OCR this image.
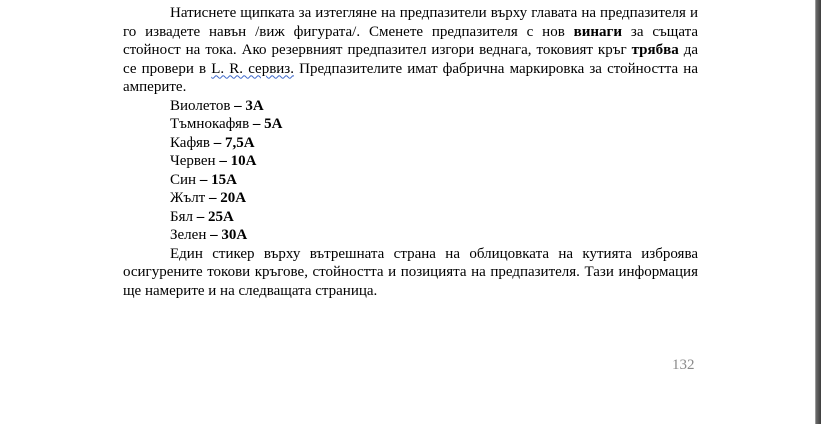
Натиснете щипката за изтегляне на предпазители върху главата на предпазителя и го извадете навън /виж фигурата/. Сменете предпазителя с нов винаги за същата стойност на тока. Ако резервният предпазител изгори веднага, токовият кръг трябва да се провери в L. R. сервиз. Предпазителите имат фабрична маркировка за стойността на амперите.

Виолетов – 3A
Тъмнокафяв – 5A
Кафяв – 7,5A
Червен – 10A
Син – 15A
Жълт – 20A
Бял – 25A
Зелен – 30A

Един стикер върху вътрешната страна на облицовката на кутията изброява осигурените токови кръгове, стойността и позицията на предпазителя. Тази информация ще намерите и на следващата страница.

132
